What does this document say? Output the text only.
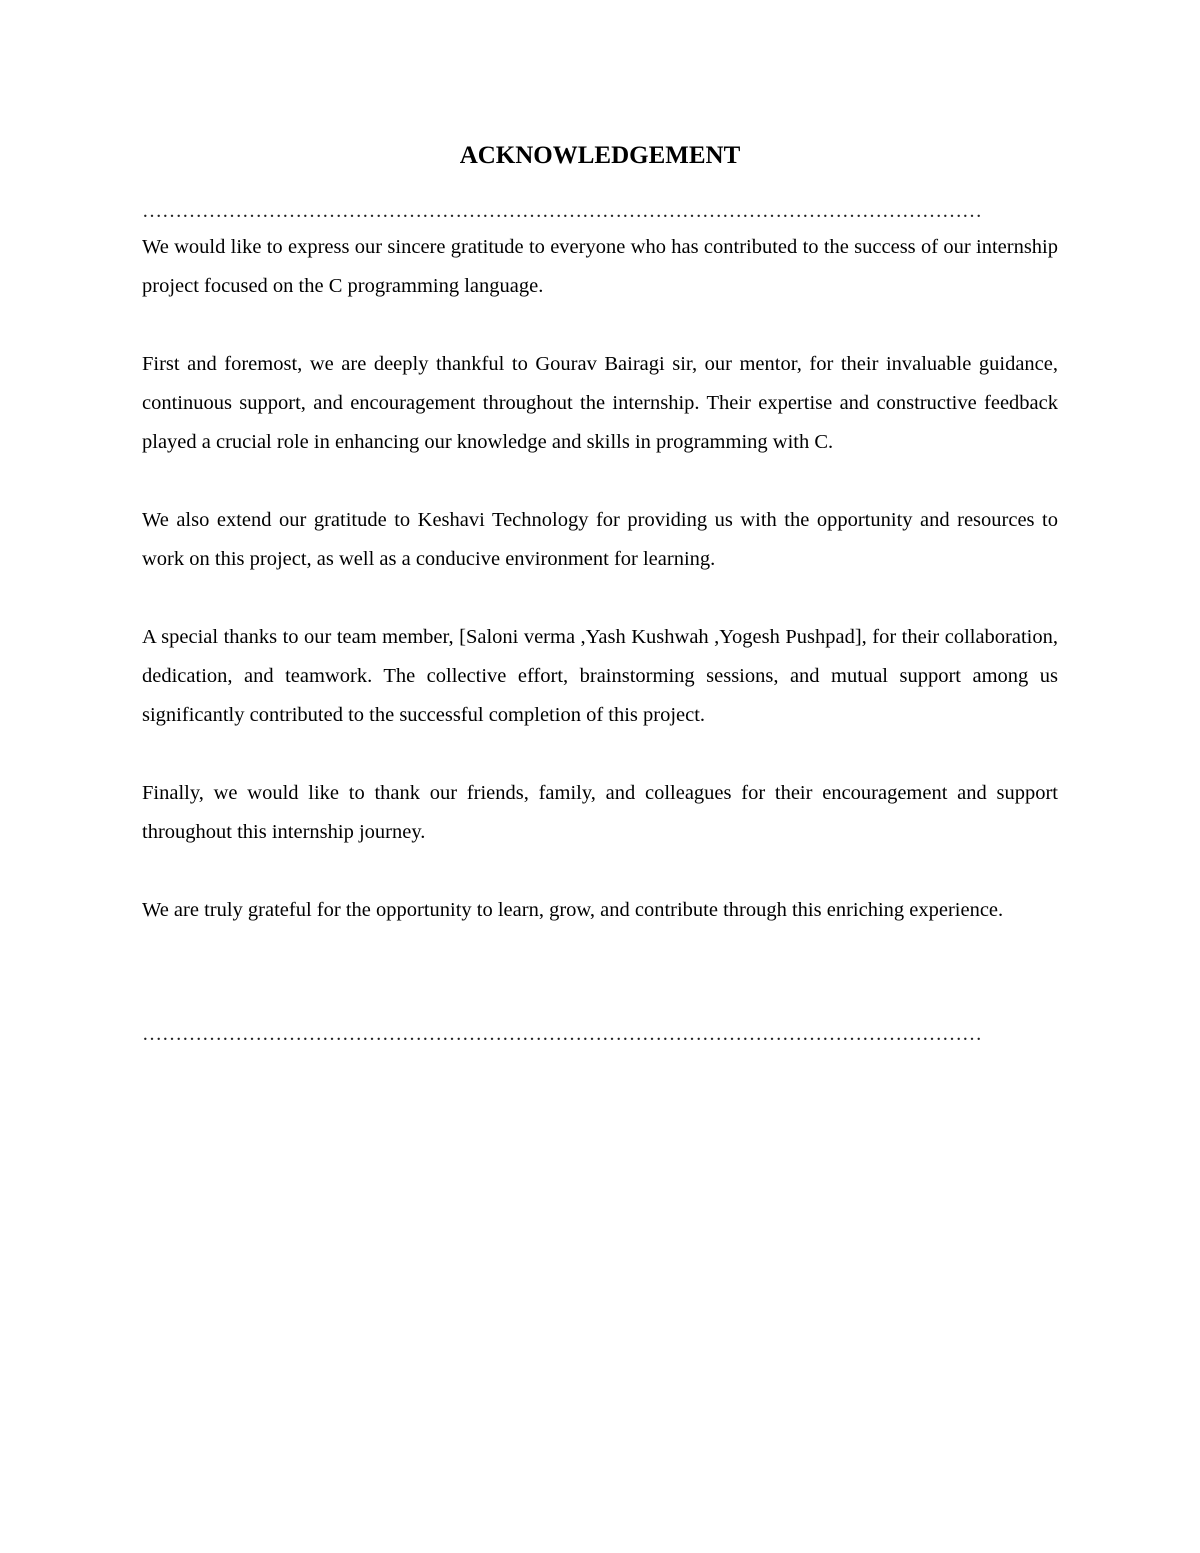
ACKNOWLEDGEMENT
………………………………………………………………………………………………………………

We would like to express our sincere gratitude to everyone who has contributed to the success of our internship project focused on the C programming language.

First and foremost, we are deeply thankful to Gourav Bairagi sir, our mentor, for their invaluable guidance, continuous support, and encouragement throughout the internship. Their expertise and constructive feedback played a crucial role in enhancing our knowledge and skills in programming with C.

We also extend our gratitude to Keshavi Technology for providing us with the opportunity and resources to work on this project, as well as a conducive environment for learning.

A special thanks to our team member, [Saloni verma ,Yash Kushwah ,Yogesh Pushpad], for their collaboration, dedication, and teamwork. The collective effort, brainstorming sessions, and mutual support among us significantly contributed to the successful completion of this project.

Finally, we would like to thank our friends, family, and colleagues for their encouragement and support throughout this internship journey.

We are truly grateful for the opportunity to learn, grow, and contribute through this enriching experience.

………………………………………………………………………………………………………………
